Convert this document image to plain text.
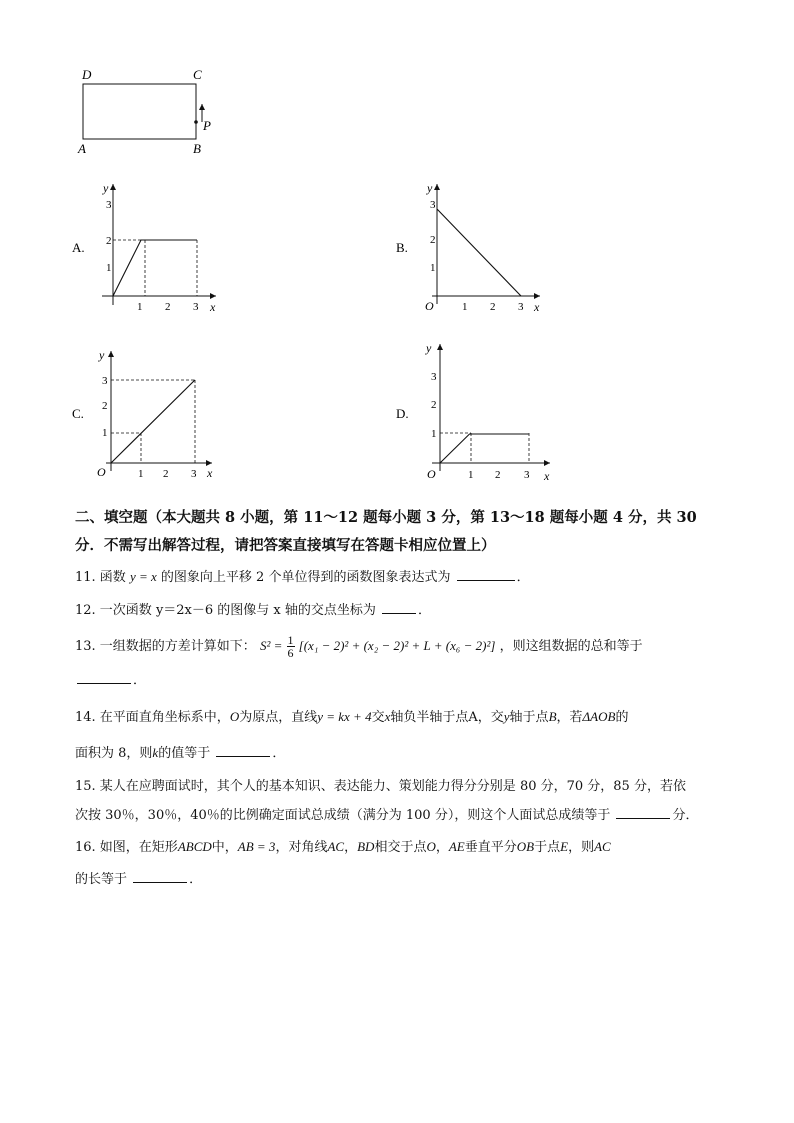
D	C
A	B
P
A.
y
x
3
2
1
1 2 3
B.
y
x
O
3
2
1
1 2 3
C.
y
x
O
3
2
1
1 2 3
D.
y
x
O
3
2
1
1 2 3
二、填空题（本大题共 8 小题，第 11～12 题每小题 3 分，第 13～18 题每小题 4 分，共 30
分．不需写出解答过程，请把答案直接填写在答题卡相应位置上）
11. 函数 y = x 的图象向上平移 2 个单位得到的函数图象表达式为	．
12. 一次函数 y＝2x－6 的图像与 x 轴的交点坐标为	．
13. 一组数据的方差计算如下： $S^2 = \frac{1}{6} [(x_1 - 2)^2 + (x_2 - 2)^2 + L + (x_6 - 2)^2]$ ，则这组数据的总和等于
．
14. 在平面直角坐标系中，O为原点，直线y = kx + 4交x轴负半轴于点A，交y轴于点B，若ΔAOB的
面积为 8，则k的值等于	．
15. 某人在应聘面试时，其个人的基本知识、表达能力、策划能力得分分别是 80 分，70 分，85 分，若依
次按 30％，30％，40％的比例确定面试总成绩（满分为 100 分），则这个人面试总成绩等于	分．
16. 如图，在矩形ABCD中，AB = 3，对角线AC，BD相交于点O，AE垂直平分OB于点E，则AC
的长等于	．
